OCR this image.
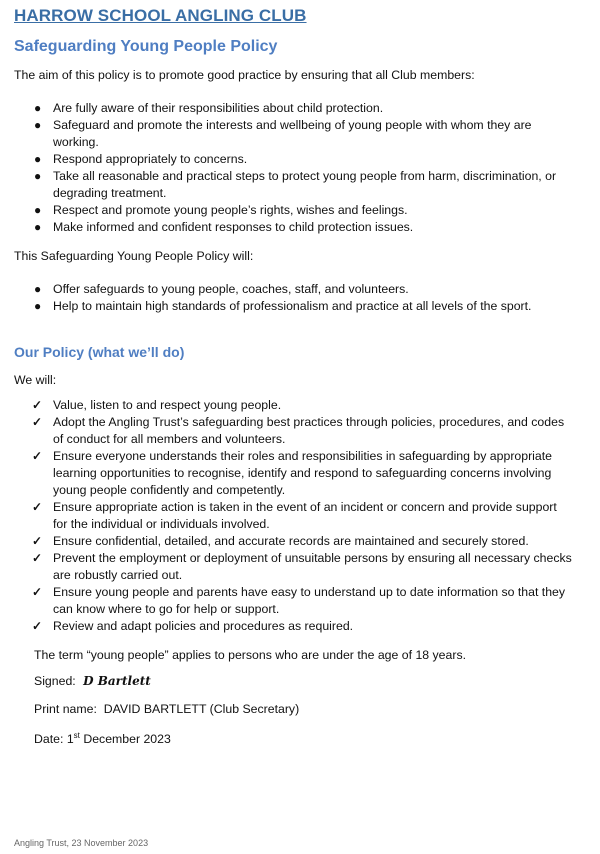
HARROW SCHOOL ANGLING CLUB
Safeguarding Young People Policy

The aim of this policy is to promote good practice by ensuring that all Club members:

● Are fully aware of their responsibilities about child protection.
● Safeguard and promote the interests and wellbeing of young people with whom they are working.
● Respond appropriately to concerns.
● Take all reasonable and practical steps to protect young people from harm, discrimination, or degrading treatment.
● Respect and promote young people’s rights, wishes and feelings.
● Make informed and confident responses to child protection issues.

This Safeguarding Young People Policy will:

● Offer safeguards to young people, coaches, staff, and volunteers.
● Help to maintain high standards of professionalism and practice at all levels of the sport.
Our Policy (what we’ll do)

We will:

✓ Value, listen to and respect young people.
✓ Adopt the Angling Trust’s safeguarding best practices through policies, procedures, and codes of conduct for all members and volunteers.
✓ Ensure everyone understands their roles and responsibilities in safeguarding by appropriate learning opportunities to recognise, identify and respond to safeguarding concerns involving young people confidently and competently.
✓ Ensure appropriate action is taken in the event of an incident or concern and provide support for the individual or individuals involved.
✓ Ensure confidential, detailed, and accurate records are maintained and securely stored.
✓ Prevent the employment or deployment of unsuitable persons by ensuring all necessary checks are robustly carried out.
✓ Ensure young people and parents have easy to understand up to date information so that they can know where to go for help or support.
✓ Review and adapt policies and procedures as required.

The term “young people” applies to persons who are under the age of 18 years.

Signed: D Bartlett

Print name: DAVID BARTLETT (Club Secretary)

Date: 1st December 2023

Angling Trust, 23 November 2023
